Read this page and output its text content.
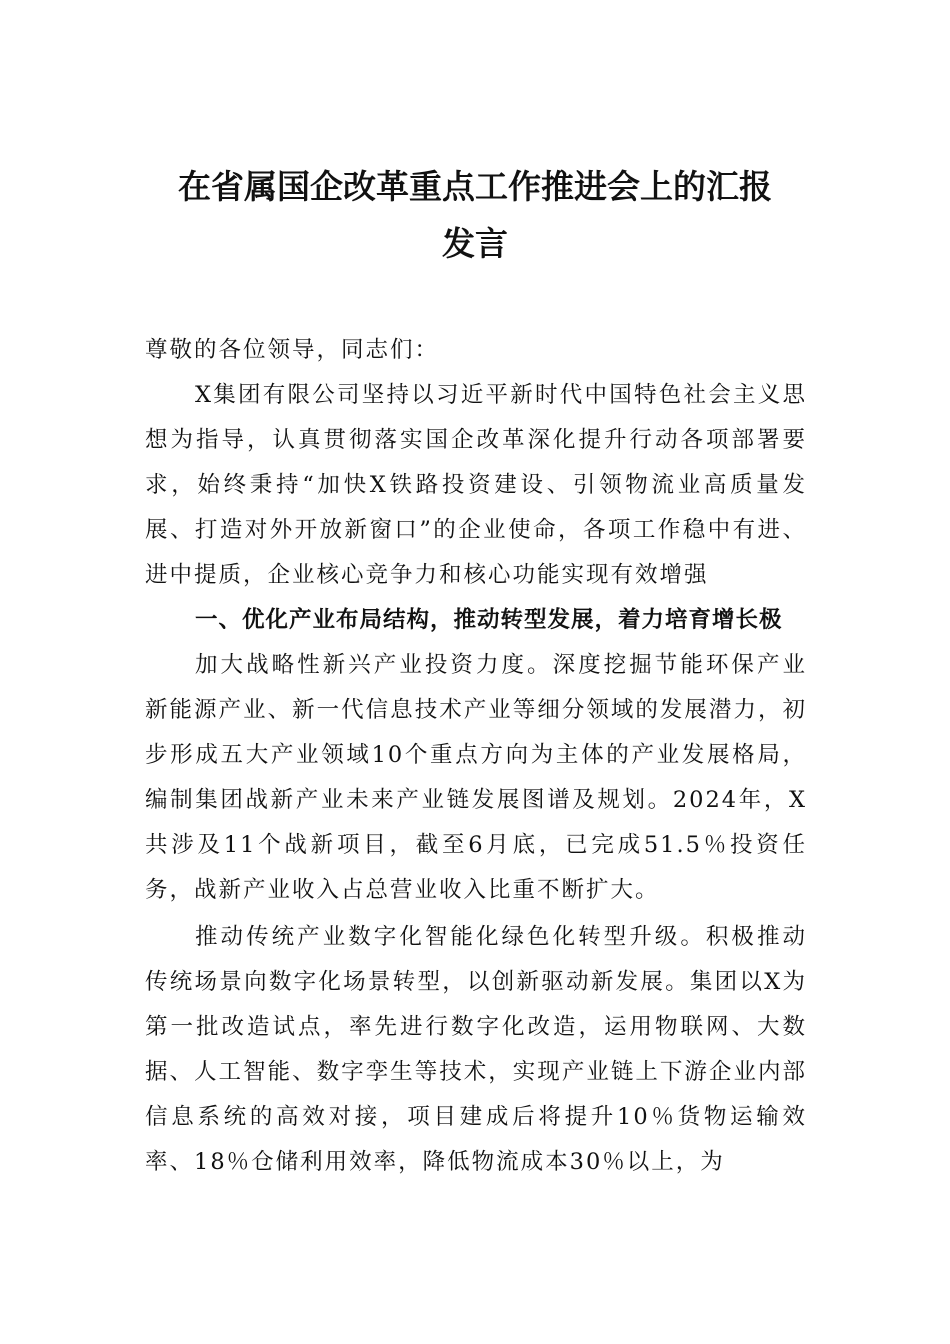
在省属国企改革重点工作推进会上的汇报
发言

尊敬的各位领导，同志们：

X集团有限公司坚持以习近平新时代中国特色社会主义思想为指导，认真贯彻落实国企改革深化提升行动各项部署要求，始终秉持“加快X铁路投资建设、引领物流业高质量发展、打造对外开放新窗口”的企业使命，各项工作稳中有进、进中提质，企业核心竞争力和核心功能实现有效增强

一、优化产业布局结构，推动转型发展，着力培育增长极

加大战略性新兴产业投资力度。深度挖掘节能环保产业新能源产业、新一代信息技术产业等细分领域的发展潜力，初步形成五大产业领域10个重点方向为主体的产业发展格局，编制集团战新产业未来产业链发展图谱及规划。2024年，X共涉及11个战新项目，截至6月底，已完成51.5％投资任务，战新产业收入占总营业收入比重不断扩大。

推动传统产业数字化智能化绿色化转型升级。积极推动传统场景向数字化场景转型，以创新驱动新发展。集团以X为第一批改造试点，率先进行数字化改造，运用物联网、大数据、人工智能、数字孪生等技术，实现产业链上下游企业内部信息系统的高效对接，项目建成后将提升10％货物运输效率、18％仓储利用效率，降低物流成本30％以上，为
